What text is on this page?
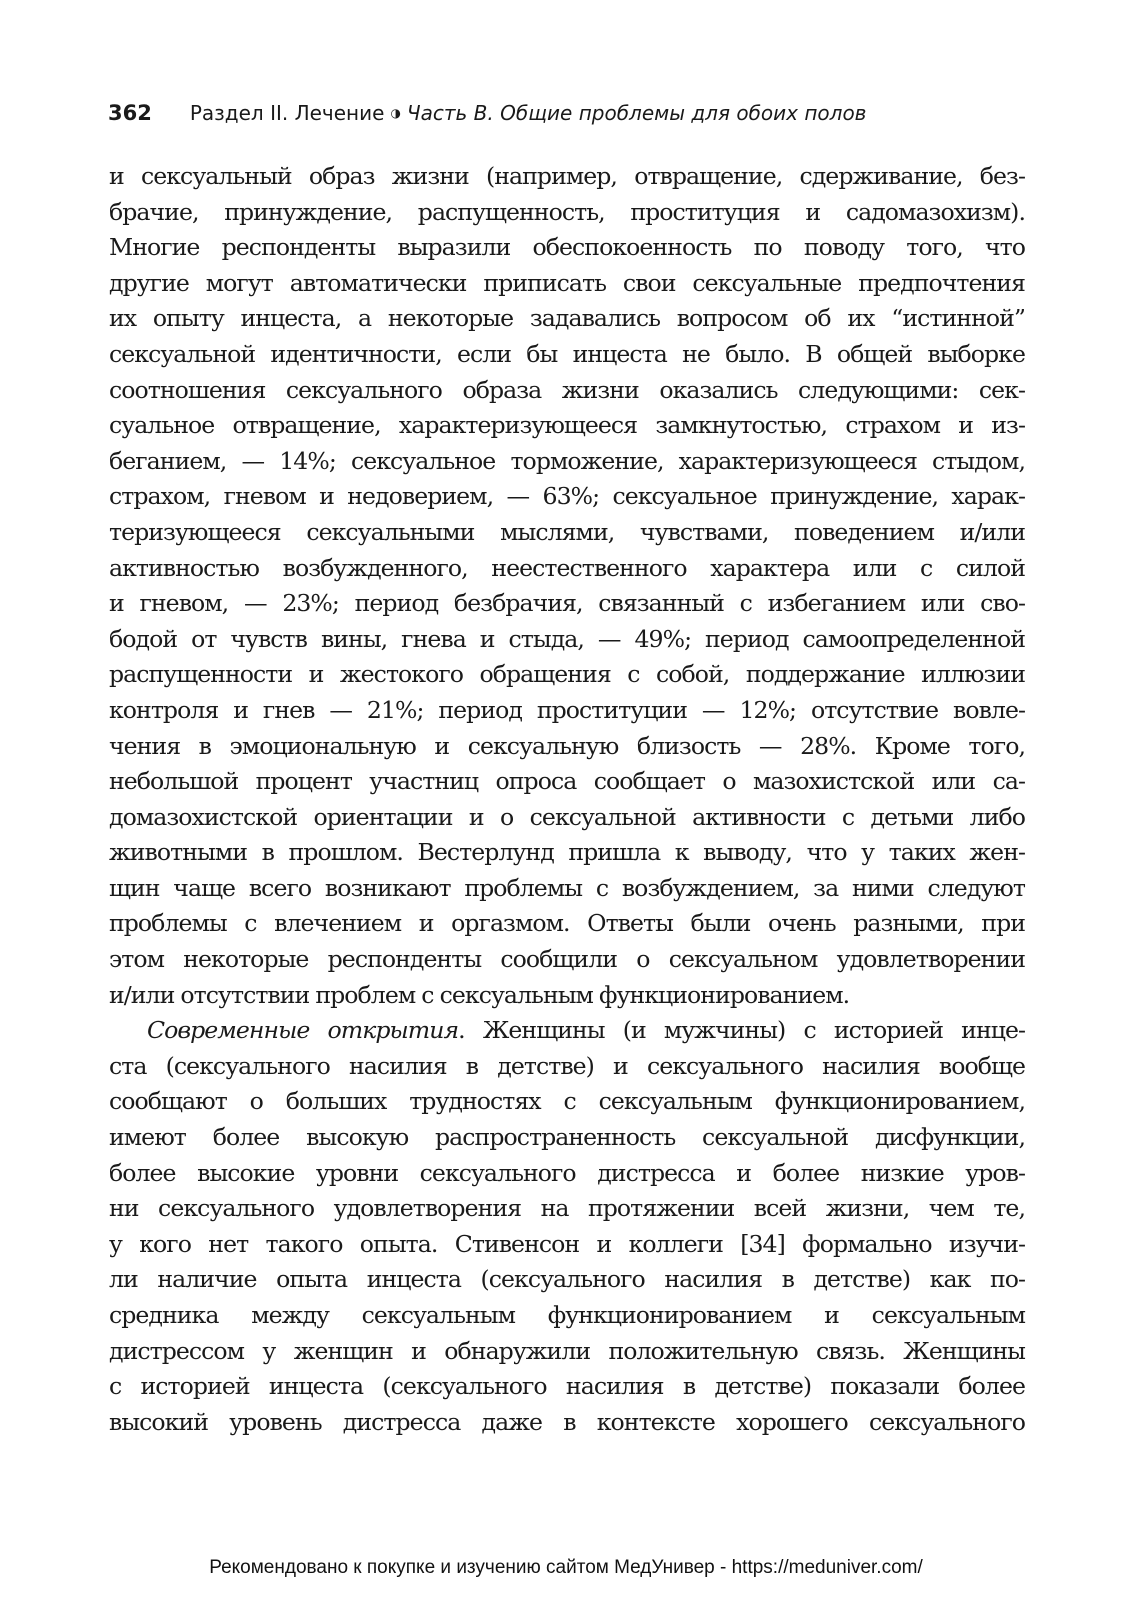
362 Раздел II. Лечение ◑ Часть B. Общие проблемы для обоих полов
и сексуальный образ жизни (например, отвращение, сдерживание, без-
брачие, принуждение, распущенность, проституция и садомазохизм).
Многие респонденты выразили обеспокоенность по поводу того, что
другие могут автоматически приписать свои сексуальные предпочтения
их опыту инцеста, а некоторые задавались вопросом об их “истинной”
сексуальной идентичности, если бы инцеста не было. В общей выборке
соотношения сексуального образа жизни оказались следующими: сек-
суальное отвращение, характеризующееся замкнутостью, страхом и из-
беганием, — 14%; сексуальное торможение, характеризующееся стыдом,
страхом, гневом и недоверием, — 63%; сексуальное принуждение, харак-
теризующееся сексуальными мыслями, чувствами, поведением и/или
активностью возбужденного, неестественного характера или с силой
и гневом, — 23%; период безбрачия, связанный с избеганием или сво-
бодой от чувств вины, гнева и стыда, — 49%; период самоопределенной
распущенности и жестокого обращения с собой, поддержание иллюзии
контроля и гнев — 21%; период проституции — 12%; отсутствие вовле-
чения в эмоциональную и сексуальную близость — 28%. Кроме того,
небольшой процент участниц опроса сообщает о мазохистской или са-
домазохистской ориентации и о сексуальной активности с детьми либо
животными в прошлом. Вестерлунд пришла к выводу, что у таких жен-
щин чаще всего возникают проблемы с возбуждением, за ними следуют
проблемы с влечением и оргазмом. Ответы были очень разными, при
этом некоторые респонденты сообщили о сексуальном удовлетворении
и/или отсутствии проблем с сексуальным функционированием.
Современные открытия. Женщины (и мужчины) с историей инце-
ста (сексуального насилия в детстве) и сексуального насилия вообще
сообщают о больших трудностях с сексуальным функционированием,
имеют более высокую распространенность сексуальной дисфункции,
более высокие уровни сексуального дистресса и более низкие уров-
ни сексуального удовлетворения на протяжении всей жизни, чем те,
у кого нет такого опыта. Стивенсон и коллеги [34] формально изучи-
ли наличие опыта инцеста (сексуального насилия в детстве) как по-
средника между сексуальным функционированием и сексуальным
дистрессом у женщин и обнаружили положительную связь. Женщины
с историей инцеста (сексуального насилия в детстве) показали более
высокий уровень дистресса даже в контексте хорошего сексуального
Рекомендовано к покупке и изучению сайтом МедУнивер - https://meduniver.com/
